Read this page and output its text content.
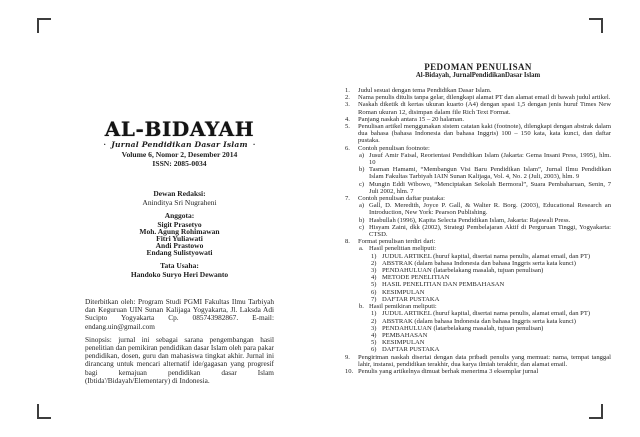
AL-BIDAYAH
· Jurnal Pendidikan Dasar Islam ·
Volume 6, Nomor 2, Desember 2014
ISSN: 2085-0034
Dewan Redaksi:
Aninditya Sri Nugraheni
Anggota:
Sigit Prasetyo
Moh. Agung Rohimawan
Fitri Yuliawati
Andi Prastowo
Endang Sulistyowati
Tata Usaha:
Handoko Suryo Heri Dewanto
Diterbitkan oleh: Program Studi PGMI Fakultas Ilmu Tarbiyah dan Keguruan UIN Sunan Kalijaga Yogyakarta, Jl. Laksda Adi Sucipto Yogyakarta Cp. 085743982867. E-mail: endang.uin@gmail.com
Sinopsis: jurnal ini sebagai sarana pengembangan hasil penelitian dan pemikiran pendidikan dasar Islam oleh para pakar pendidikan, dosen, guru dan mahasiswa tingkat akhir. Jurnal ini dirancang untuk mencari alternatif ide/gagasan yang progresif bagi kemajuan pendidikan dasar Islam (Ibtida'/Bidayah/Elementary) di Indonesia.
PEDOMAN PENULISAN
Al-Bidayah, JurnalPendidikanDasar Islam
1.	Judul sesuai dengan tema Pendidikan Dasar Islam.
2.	Nama penulis ditulis tanpa gelar, dilengkapi alamat PT dan alamat email di bawah judul artikel.
3.	Naskah diketik di kertas ukuran kuarto (A4) dengan spasi 1,5 dengan jenis huruf Times New Roman ukuran 12, disimpan dalam file Rich Text Format.
4.	Panjang naskah antara 15 – 20 halaman.
5.	Penulisan artikel menggunakan sistem catatan kaki (footnote), dilengkapi dengan abstrak dalam dua bahasa (bahasa Indonesia dan bahasa Inggris) 100 – 150 kata, kata kunci, dan daftar pustaka.
6.	Contoh penulisan footnote:
a) Jusuf Amir Faisal, Reorientasi Pendidikan Islam (Jakarta: Gema Insani Press, 1995), hlm. 10
b) Tasman Hamami, “Membangun Visi Baru Pendidikan Islam”, Jurnal Ilmu Pendidikan Islam Fakultas Tarbiyah IAIN Sunan Kalijaga, Vol. 4, No. 2 (Juli, 2003), hlm. 9
c) Mungin Eddi Wibowo, “Menciptakan Sekolah Bermoral”, Suara Pembaharuan, Senin, 7 Juli 2002, hlm. 7
7.	Contoh penulisan daftar pustaka:
a) Gall, D. Meredith, Joyce P. Gall, & Walter R. Borg. (2003), Educational Research an Introduction, New York: Pearson Publishing.
b) Hasbullah (1996), Kapita Selecta Pendidikan Islam, Jakarta: Rajawali Press.
c) Hisyam Zaini, dkk (2002), Strategi Pembelajaran Aktif di Perguruan Tinggi, Yogyakarta: CTSD.
8.	Format penulisan terdiri dari:
a. Hasil penelitian meliputi:
1) JUDUL ARTIKEL (huruf kapital, disertai nama penulis, alamat email, dan PT)
2) ABSTRAK (dalam bahasa Indonesia dan bahasa Inggris serta kata kunci)
3) PENDAHULUAN (latarbelakang masalah, tujuan penulisan)
4) METODE PENELITIAN
5) HASIL PENELITIAN DAN PEMBAHASAN
6) KESIMPULAN
7) DAFTAR PUSTAKA
b. Hasil pemikiran meliputi:
1) JUDUL ARTIKEL (huruf kapital, disertai nama penulis, alamat email, dan PT)
2) ABSTRAK (dalam bahasa Indonesia dan bahasa Inggris serta kata kunci)
3) PENDAHULUAN (latarbelakang masalah, tujuan penulisan)
4) PEMBAHASAN
5) KESIMPULAN
6) DAFTAR PUSTAKA
9.	Pengiriman naskah disertai dengan data pribadi penulis yang memuat: nama, tempat tanggal lahir, instansi, pendidikan terakhir, dua karya ilmiah terakhir, dan alamat email.
10. Penulis yang artikelnya dimuat berhak menerima 3 eksemplar jurnal
